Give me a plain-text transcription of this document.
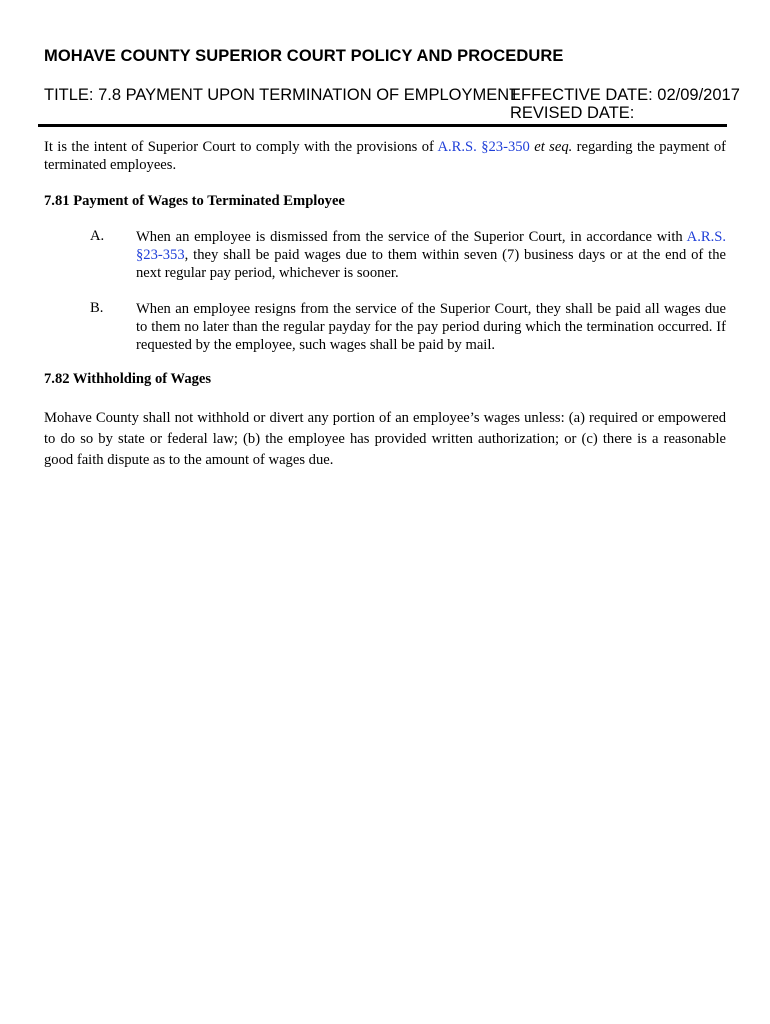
MOHAVE COUNTY SUPERIOR COURT POLICY AND PROCEDURE
TITLE: 7.8 PAYMENT UPON TERMINATION OF EMPLOYMENT
EFFECTIVE DATE: 02/09/2017
REVISED DATE:
It is the intent of Superior Court to comply with the provisions of A.R.S. §23-350 et seq. regarding the payment of terminated employees.
7.81 Payment of Wages to Terminated Employee
A. When an employee is dismissed from the service of the Superior Court, in accordance with A.R.S. §23-353, they shall be paid wages due to them within seven (7) business days or at the end of the next regular pay period, whichever is sooner.
B. When an employee resigns from the service of the Superior Court, they shall be paid all wages due to them no later than the regular payday for the pay period during which the termination occurred. If requested by the employee, such wages shall be paid by mail.
7.82 Withholding of Wages
Mohave County shall not withhold or divert any portion of an employee’s wages unless: (a) required or empowered to do so by state or federal law; (b) the employee has provided written authorization; or (c) there is a reasonable good faith dispute as to the amount of wages due.
